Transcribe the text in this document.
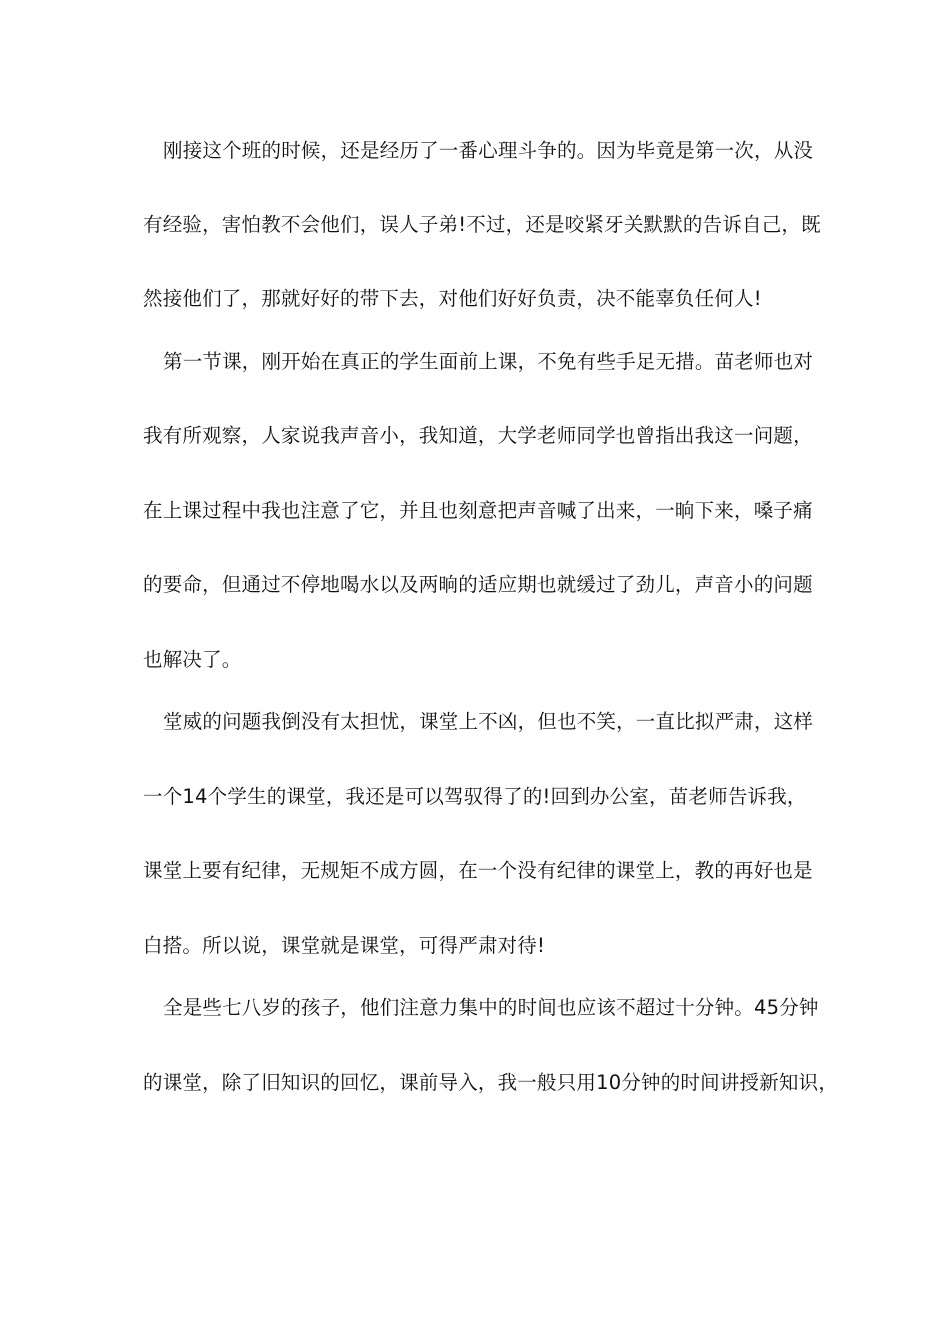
刚接这个班的时候，还是经历了一番心理斗争的。因为毕竟是第一次，从没
有经验，害怕教不会他们，误人子弟!不过，还是咬紧牙关默默的告诉自己，既
然接他们了，那就好好的带下去，对他们好好负责，决不能辜负任何人!
第一节课，刚开始在真正的学生面前上课，不免有些手足无措。苗老师也对
我有所观察，人家说我声音小，我知道，大学老师同学也曾指出我这一问题，
在上课过程中我也注意了它，并且也刻意把声音喊了出来，一晌下来，嗓子痛
的要命，但通过不停地喝水以及两晌的适应期也就缓过了劲儿，声音小的问题
也解决了。
堂威的问题我倒没有太担忧，课堂上不凶，但也不笑，一直比拟严肃，这样
一个14个学生的课堂，我还是可以驾驭得了的!回到办公室，苗老师告诉我，
课堂上要有纪律，无规矩不成方圆，在一个没有纪律的课堂上，教的再好也是
白搭。所以说，课堂就是课堂，可得严肃对待!
全是些七八岁的孩子，他们注意力集中的时间也应该不超过十分钟。45分钟
的课堂，除了旧知识的回忆，课前导入，我一般只用10分钟的时间讲授新知识，
